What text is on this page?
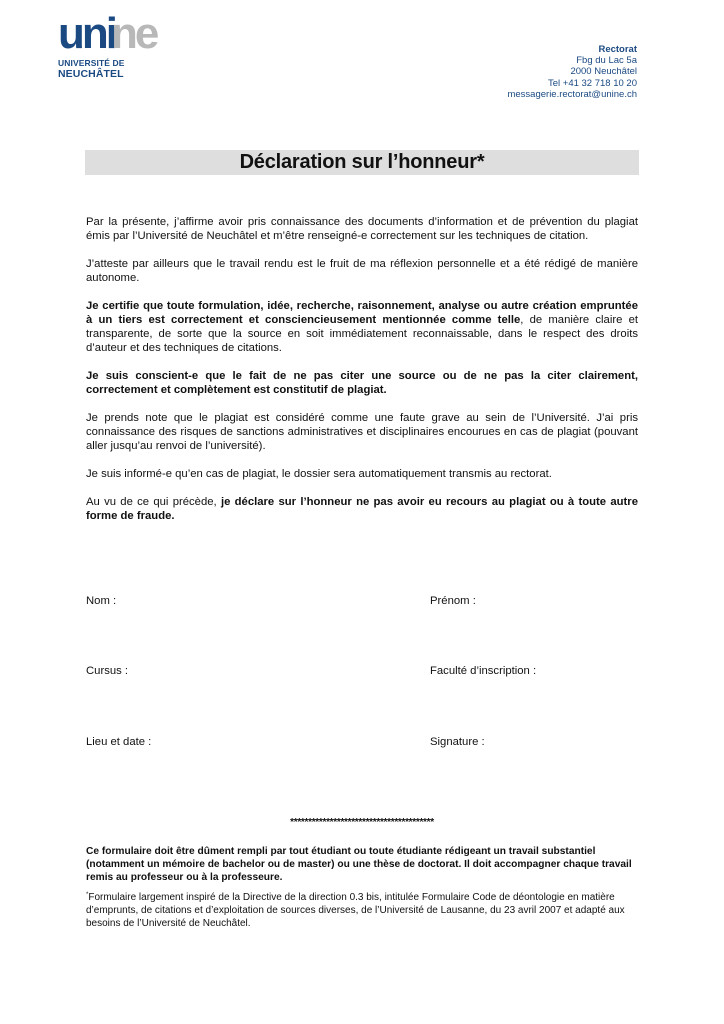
uni
ne
UNIVERSITÉ DE
NEUCHÂTEL
Rectorat
Fbg du Lac 5a
2000 Neuchâtel
Tel +41 32 718 10 20
messagerie.rectorat@unine.ch
Déclaration sur l’honneur*

Par la présente, j’affirme avoir pris connaissance des documents d’information et de prévention du plagiat émis par l’Université de Neuchâtel et m’être renseigné-e correctement sur les techniques de citation.

J’atteste par ailleurs que le travail rendu est le fruit de ma réflexion personnelle et a été rédigé de manière autonome.

Je certifie que toute formulation, idée, recherche, raisonnement, analyse ou autre création empruntée à un tiers est correctement et consciencieusement mentionnée comme telle, de manière claire et transparente, de sorte que la source en soit immédiatement reconnaissable, dans le respect des droits d’auteur et des techniques de citations.

Je suis conscient-e que le fait de ne pas citer une source ou de ne pas la citer clairement, correctement et complètement est constitutif de plagiat.

Je prends note que le plagiat est considéré comme une faute grave au sein de l’Université. J’ai pris connaissance des risques de sanctions administratives et disciplinaires encourues en cas de plagiat (pouvant aller jusqu’au renvoi de l’université).

Je suis informé-e qu’en cas de plagiat, le dossier sera automatiquement transmis au rectorat.

Au vu de ce qui précède, je déclare sur l’honneur ne pas avoir eu recours au plagiat ou à toute autre forme de fraude.

Nom :	Prénom :
Cursus :	Faculté d’inscription :
Lieu et date :	Signature :
****************************************
Ce formulaire doit être dûment rempli par tout étudiant ou toute étudiante rédigeant un travail substantiel (notamment un mémoire de bachelor ou de master) ou une thèse de doctorat. Il doit accompagner chaque travail remis au professeur ou à la professeure.
*Formulaire largement inspiré de la Directive de la direction 0.3 bis, intitulée Formulaire Code de déontologie en matière d’emprunts, de citations et d’exploitation de sources diverses, de l’Université de Lausanne, du 23 avril 2007 et adapté aux besoins de l’Université de Neuchâtel.
